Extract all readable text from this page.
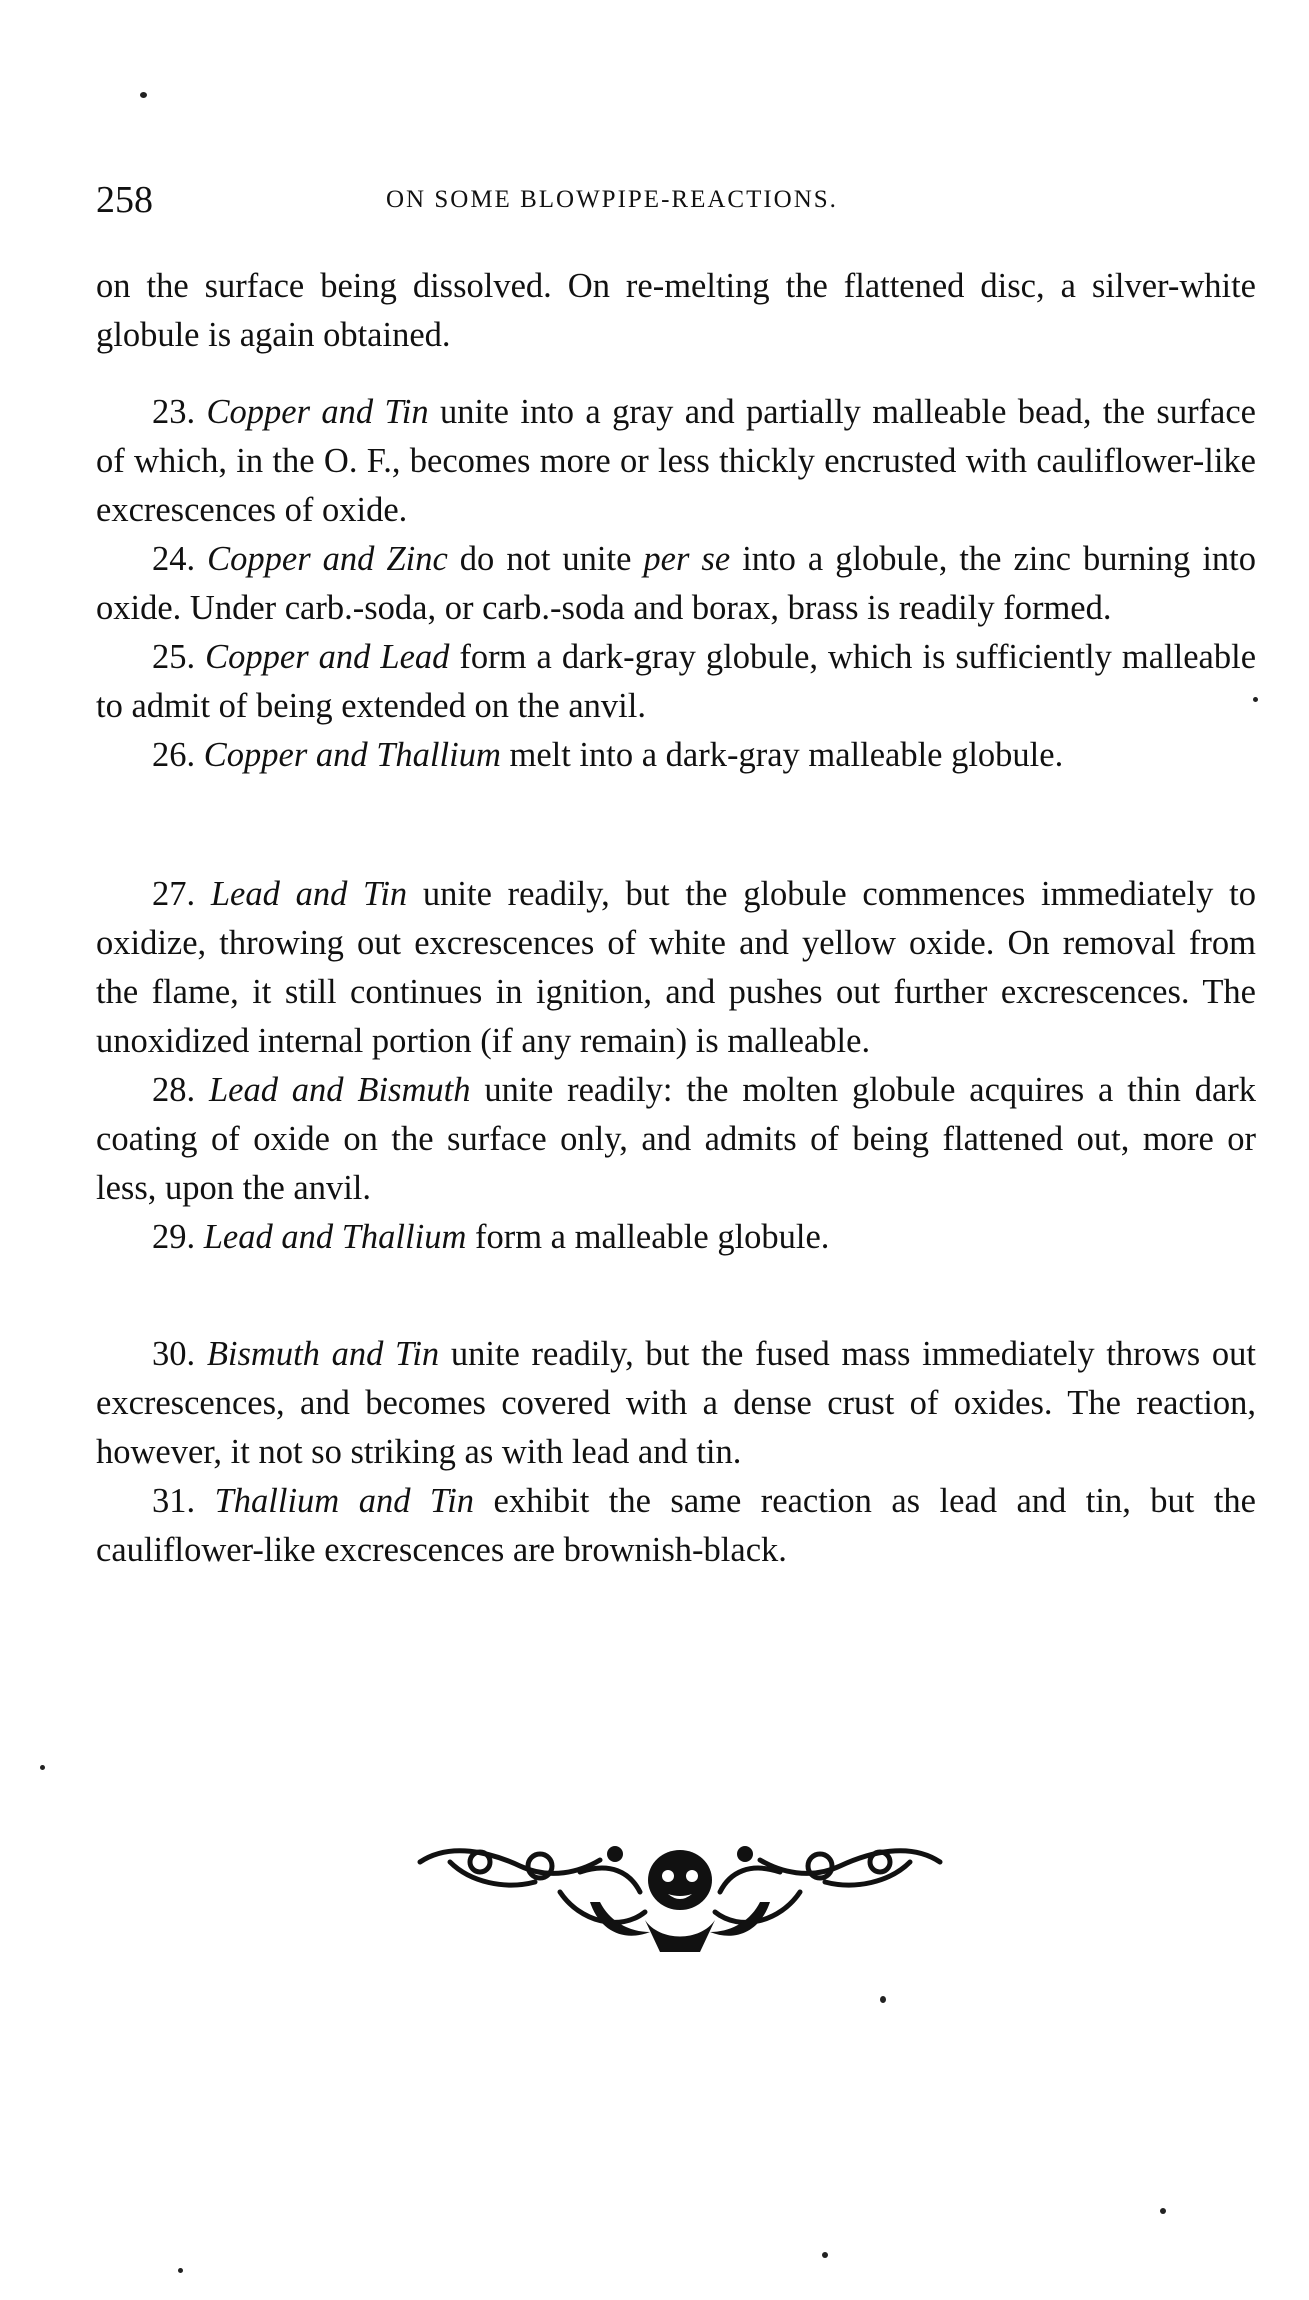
258	ON SOME BLOWPIPE-REACTIONS.

on the surface being dissolved. On re-melting the flattened disc, a silver-white globule is again obtained.

23. Copper and Tin unite into a gray and partially malleable bead, the surface of which, in the O. F., becomes more or less thickly encrusted with cauliflower-like excrescences of oxide.

24. Copper and Zinc do not unite per se into a globule, the zinc burning into oxide. Under carb.-soda, or carb.-soda and borax, brass is readily formed.

25. Copper and Lead form a dark-gray globule, which is sufficiently malleable to admit of being extended on the anvil.

26. Copper and Thallium melt into a dark-gray malleable globule.

27. Lead and Tin unite readily, but the globule commences immediately to oxidize, throwing out excrescences of white and yellow oxide. On removal from the flame, it still continues in ignition, and pushes out further excrescences. The unoxidized internal portion (if any remain) is malleable.

28. Lead and Bismuth unite readily: the molten globule acquires a thin dark coating of oxide on the surface only, and admits of being flattened out, more or less, upon the anvil.

29. Lead and Thallium form a malleable globule.

30. Bismuth and Tin unite readily, but the fused mass immediately throws out excrescences, and becomes covered with a dense crust of oxides. The reaction, however, it not so striking as with lead and tin.

31. Thallium and Tin exhibit the same reaction as lead and tin, but the cauliflower-like excrescences are brownish-black.
